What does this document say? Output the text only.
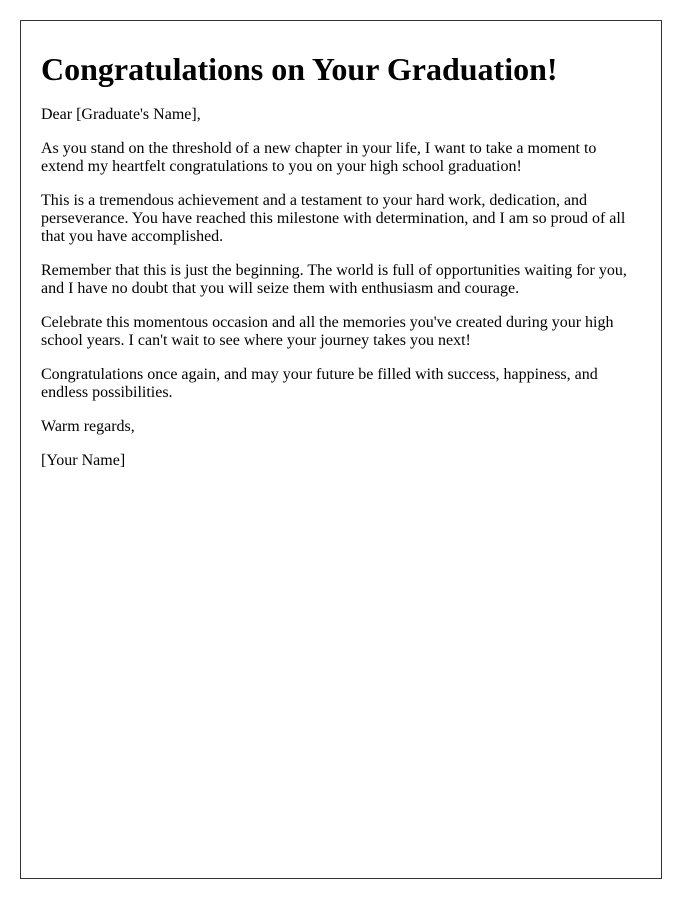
Congratulations on Your Graduation!

Dear [Graduate's Name],

As you stand on the threshold of a new chapter in your life, I want to take a moment to extend my heartfelt congratulations to you on your high school graduation!

This is a tremendous achievement and a testament to your hard work, dedication, and perseverance. You have reached this milestone with determination, and I am so proud of all that you have accomplished.

Remember that this is just the beginning. The world is full of opportunities waiting for you, and I have no doubt that you will seize them with enthusiasm and courage.

Celebrate this momentous occasion and all the memories you've created during your high school years. I can't wait to see where your journey takes you next!

Congratulations once again, and may your future be filled with success, happiness, and endless possibilities.

Warm regards,

[Your Name]
